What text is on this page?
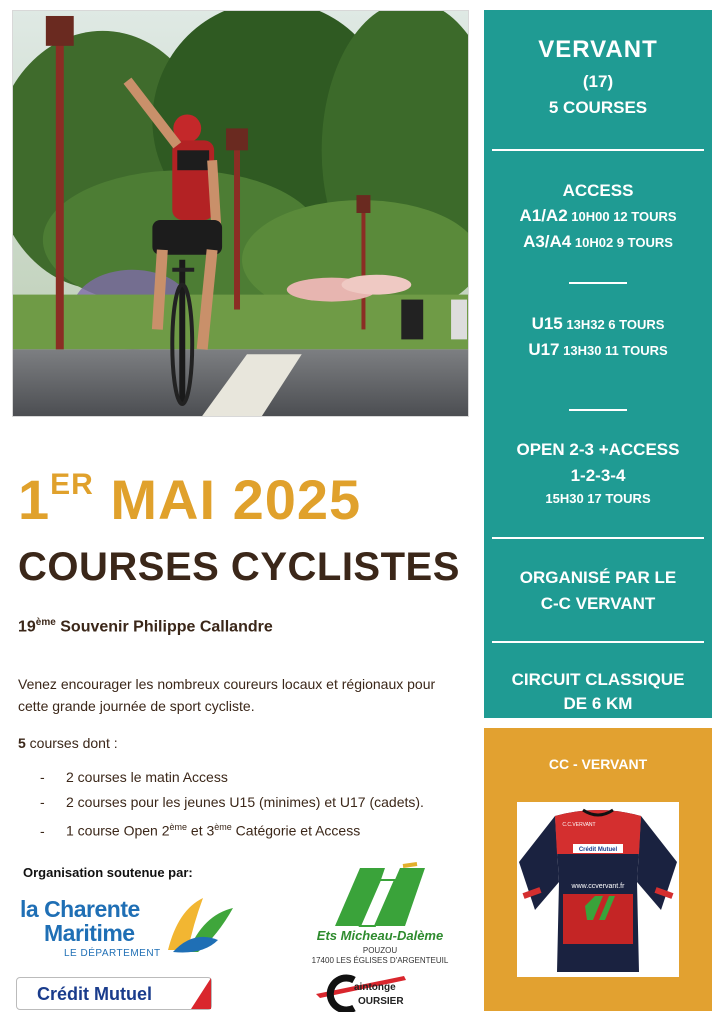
1ER MAI 2025
COURSES CYCLISTES
19ème Souvenir Philippe Callandre

Venez encourager les nombreux coureurs locaux et régionaux pour cette grande journée de sport cycliste.

5 courses dont :
- 2 courses le matin Access
- 2 courses pour les jeunes U15 (minimes) et U17 (cadets).
- 1 course Open 2ème et 3ème Catégorie et Access
Organisation soutenue par:
la Charente
Maritime
LE DÉPARTEMENT
Crédit Mutuel
Ets Micheau-Dalème
POUZOU
17400 LES ÉGLISES D'ARGENTEUIL
aintonge
OURSIER
VERVANT
(17)
5 COURSES
ACCESS
A1/A2 10H00 12 TOURS
A3/A4 10H02 9 TOURS
U15 13H32 6 TOURS
U17 13H30 11 TOURS
OPEN 2-3 +ACCESS
1-2-3-4
15H30 17 TOURS
ORGANISÉ PAR LE
C-C VERVANT
CIRCUIT CLASSIQUE
DE 6 KM
CC - VERVANT
www.ccvervant.fr
C.C.VERVANT
Crédit Mutuel
